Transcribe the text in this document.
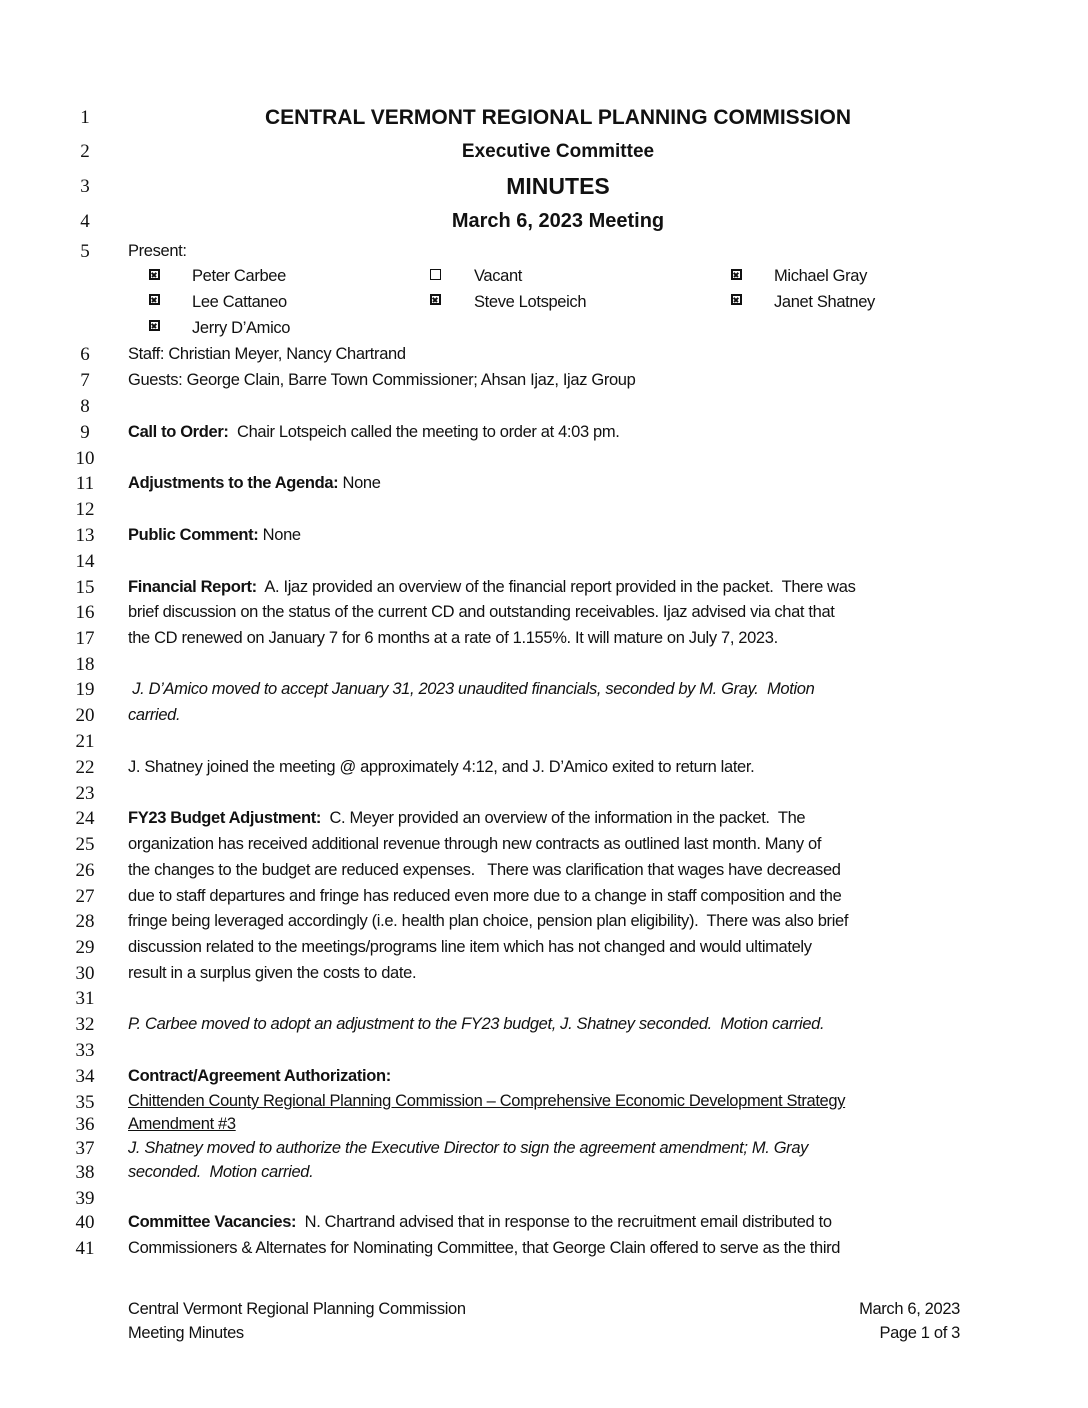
1
2
3
4
5
6
7
8
9
10
11
12
13
14
15
16
17
18
19
20
21
22
23
24
25
26
27
28
29
30
31
32
33
34
35
36
37
38
39
40
41
CENTRAL VERMONT REGIONAL PLANNING COMMISSION
Executive Committee
MINUTES
March 6, 2023 Meeting
Present:
Peter Carbee	Vacant	Michael Gray
Lee Cattaneo	Steve Lotspeich	Janet Shatney
Jerry D’Amico
Staff: Christian Meyer, Nancy Chartrand
Guests: George Clain, Barre Town Commissioner; Ahsan Ijaz, Ijaz Group
Call to Order:  Chair Lotspeich called the meeting to order at 4:03 pm.
Adjustments to the Agenda: None
Public Comment: None
Financial Report:  A. Ijaz provided an overview of the financial report provided in the packet.  There was
brief discussion on the status of the current CD and outstanding receivables. Ijaz advised via chat that
the CD renewed on January 7 for 6 months at a rate of 1.155%. It will mature on July 7, 2023.
J. D’Amico moved to accept January 31, 2023 unaudited financials, seconded by M. Gray.  Motion
carried.
J. Shatney joined the meeting @ approximately 4:12, and J. D’Amico exited to return later.
FY23 Budget Adjustment:  C. Meyer provided an overview of the information in the packet.  The
organization has received additional revenue through new contracts as outlined last month. Many of
the changes to the budget are reduced expenses.   There was clarification that wages have decreased
due to staff departures and fringe has reduced even more due to a change in staff composition and the
fringe being leveraged accordingly (i.e. health plan choice, pension plan eligibility).  There was also brief
discussion related to the meetings/programs line item which has not changed and would ultimately
result in a surplus given the costs to date.
P. Carbee moved to adopt an adjustment to the FY23 budget, J. Shatney seconded.  Motion carried.
Contract/Agreement Authorization:
Chittenden County Regional Planning Commission – Comprehensive Economic Development Strategy
Amendment #3
J. Shatney moved to authorize the Executive Director to sign the agreement amendment; M. Gray
seconded.  Motion carried.
Committee Vacancies:  N. Chartrand advised that in response to the recruitment email distributed to
Commissioners & Alternates for Nominating Committee, that George Clain offered to serve as the third
Central Vermont Regional Planning Commission
Meeting Minutes
March 6, 2023
Page 1 of 3
